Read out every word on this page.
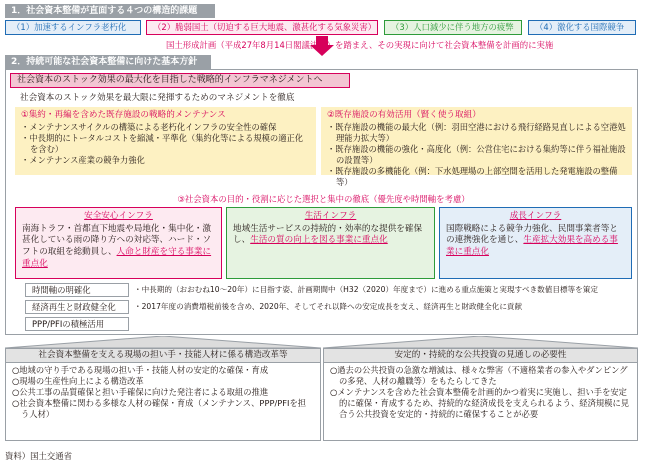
1．社会資本整備が直面する４つの構造的課題
（1）加速するインフラ老朽化	（2）脆弱国土（切迫する巨大地震、激甚化する気象災害）	（3）人口減少に伴う地方の疲弊	（4）激化する国際競争
国土形成計画（平成27年8月14日閣議決定）を踏まえ、その実現に向けて社会資本整備を計画的に実施
2．持続可能な社会資本整備に向けた基本方針
社会資本のストック効果の最大化を目指した戦略的インフラマネジメントへ
社会資本のストック効果を最大限に発揮するためのマネジメントを徹底
①集約・再編を含めた既存施設の戦略的メンテナンス
・メンテナンスサイクルの構築による老朽化インフラの安全性の確保
・中長期的にトータルコストを縮減・平準化（集約化等による規模の適正化を含む）
・メンテナンス産業の競争力強化
②既存施設の有効活用（賢く使う取組）
・既存施設の機能の最大化（例：羽田空港における飛行経路見直しによる空港処理能力拡大等）
・既存施設の機能の強化・高度化（例：公営住宅における集約等に伴う福祉施設の設置等）
・既存施設の多機能化（例：下水処理場の上部空間を活用した発電施設の整備等）
③社会資本の目的・役割に応じた選択と集中の徹底（優先度や時間軸を考慮）
安全安心インフラ
南海トラフ・首都直下地震や局地化・集中化・激甚化している雨の降り方への対応等、ハード・ソフトの取組を総動員し、人命と財産を守る事業に重点化
生活インフラ
地域生活サービスの持続的・効率的な提供を確保し、生活の質の向上を図る事業に重点化
成長インフラ
国際戦略による競争力強化、民間事業者等との連携強化を通じ、生産拡大効果を高める事業に重点化
時間軸の明確化	・中長期的（おおむね10～20年）に目指す姿、計画期間中（H32（2020）年度まで）に進める重点施策と実現すべき数値目標等を策定
経済再生と財政健全化	・2017年度の消費増税前後を含め、2020年、そしてそれ以降への安定成長を支え、経済再生と財政健全化に貢献
PPP/PFIの積極活用
社会資本整備を支える現場の担い手・技能人材に係る構造改革等
○地域の守り手である現場の担い手・技能人材の安定的な確保・育成
○現場の生産性向上による構造改革
○公共工事の品質確保と担い手確保に向けた発注者による取組の推進
○社会資本整備に関わる多様な人材の確保・育成（メンテナンス、PPP/PFIを担う人材）
安定的・持続的な公共投資の見通しの必要性
○過去の公共投資の急激な増減は、様々な弊害（不適格業者の参入やダンピングの多発、人材の離職等）をもたらしてきた
○メンテナンスを含めた社会資本整備を計画的かつ着実に実施し、担い手を安定的に確保・育成するため、持続的な経済成長を支えられるよう、経済規模に見合う公共投資を安定的・持続的に確保することが必要
資料）国土交通省
